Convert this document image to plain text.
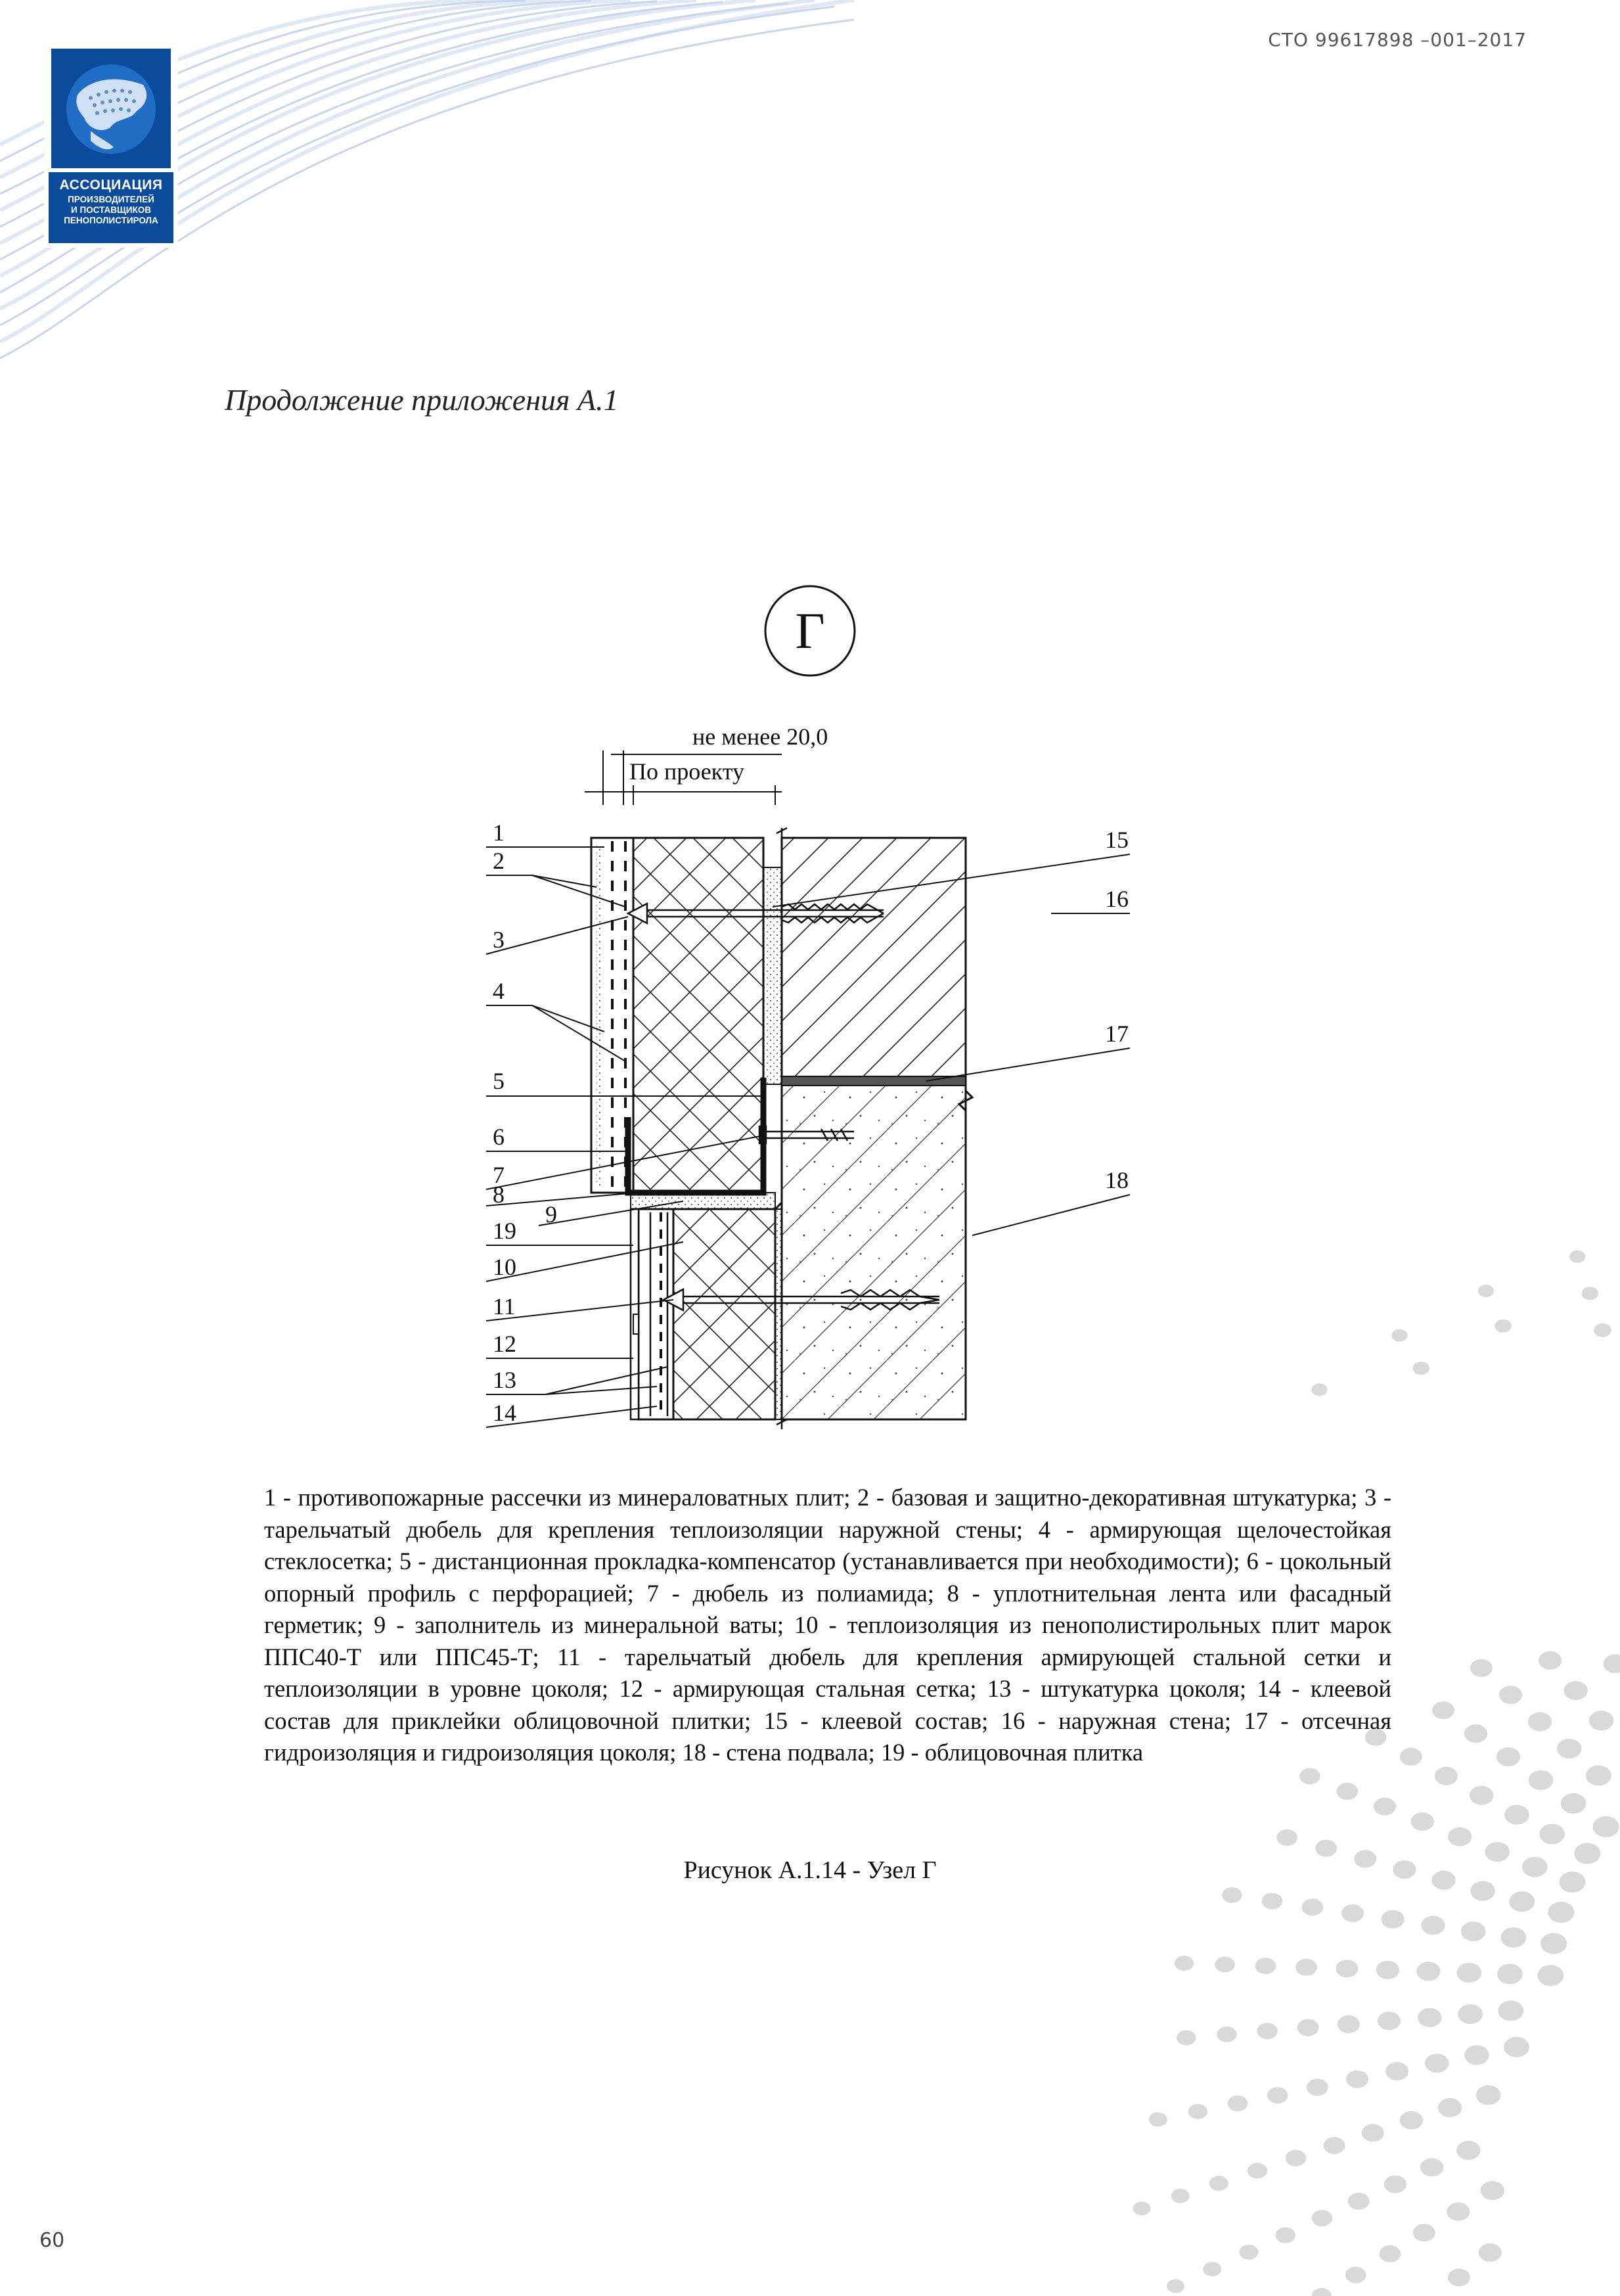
АССОЦИАЦИЯ
ПРОИЗВОДИТЕЛЕЙ
И ПОСТАВЩИКОВ
ПЕНОПОЛИСТИРОЛА
СТО 99617898 –001–2017
Продолжение приложения А.1
Г
не менее 20,0
По проекту
1
2
3
4
5
6
7
8
9
19
10
11
12
13
14
15
16
17
18
1 - противопожарные рассечки из минераловатных плит; 2 - базовая и защитно-декоративная штукатурка; 3 - тарельчатый дюбель для крепления теплоизоляции наружной стены; 4 - армирующая щелочестойкая стеклосетка; 5 - дистанционная прокладка-компенсатор (устанавливается при необходимости); 6 - цокольный опорный профиль с перфорацией; 7 - дюбель из полиамида; 8 - уплотнительная лента или фасадный герметик; 9 - заполнитель из минеральной ваты; 10 - теплоизоляция из пенополистирольных плит марок ППС40-Т или ППС45-Т; 11 - тарельчатый дюбель для крепления армирующей стальной сетки и теплоизоляции в уровне цоколя; 12 - армирующая стальная сетка; 13 - штукатурка цоколя; 14 - клеевой состав для приклейки облицовочной плитки; 15 - клеевой состав; 16 - наружная стена; 17 - отсечная гидроизоляция и гидроизоляция цоколя; 18 - стена подвала; 19 - облицовочная плитка
Рисунок А.1.14 - Узел Г
60
